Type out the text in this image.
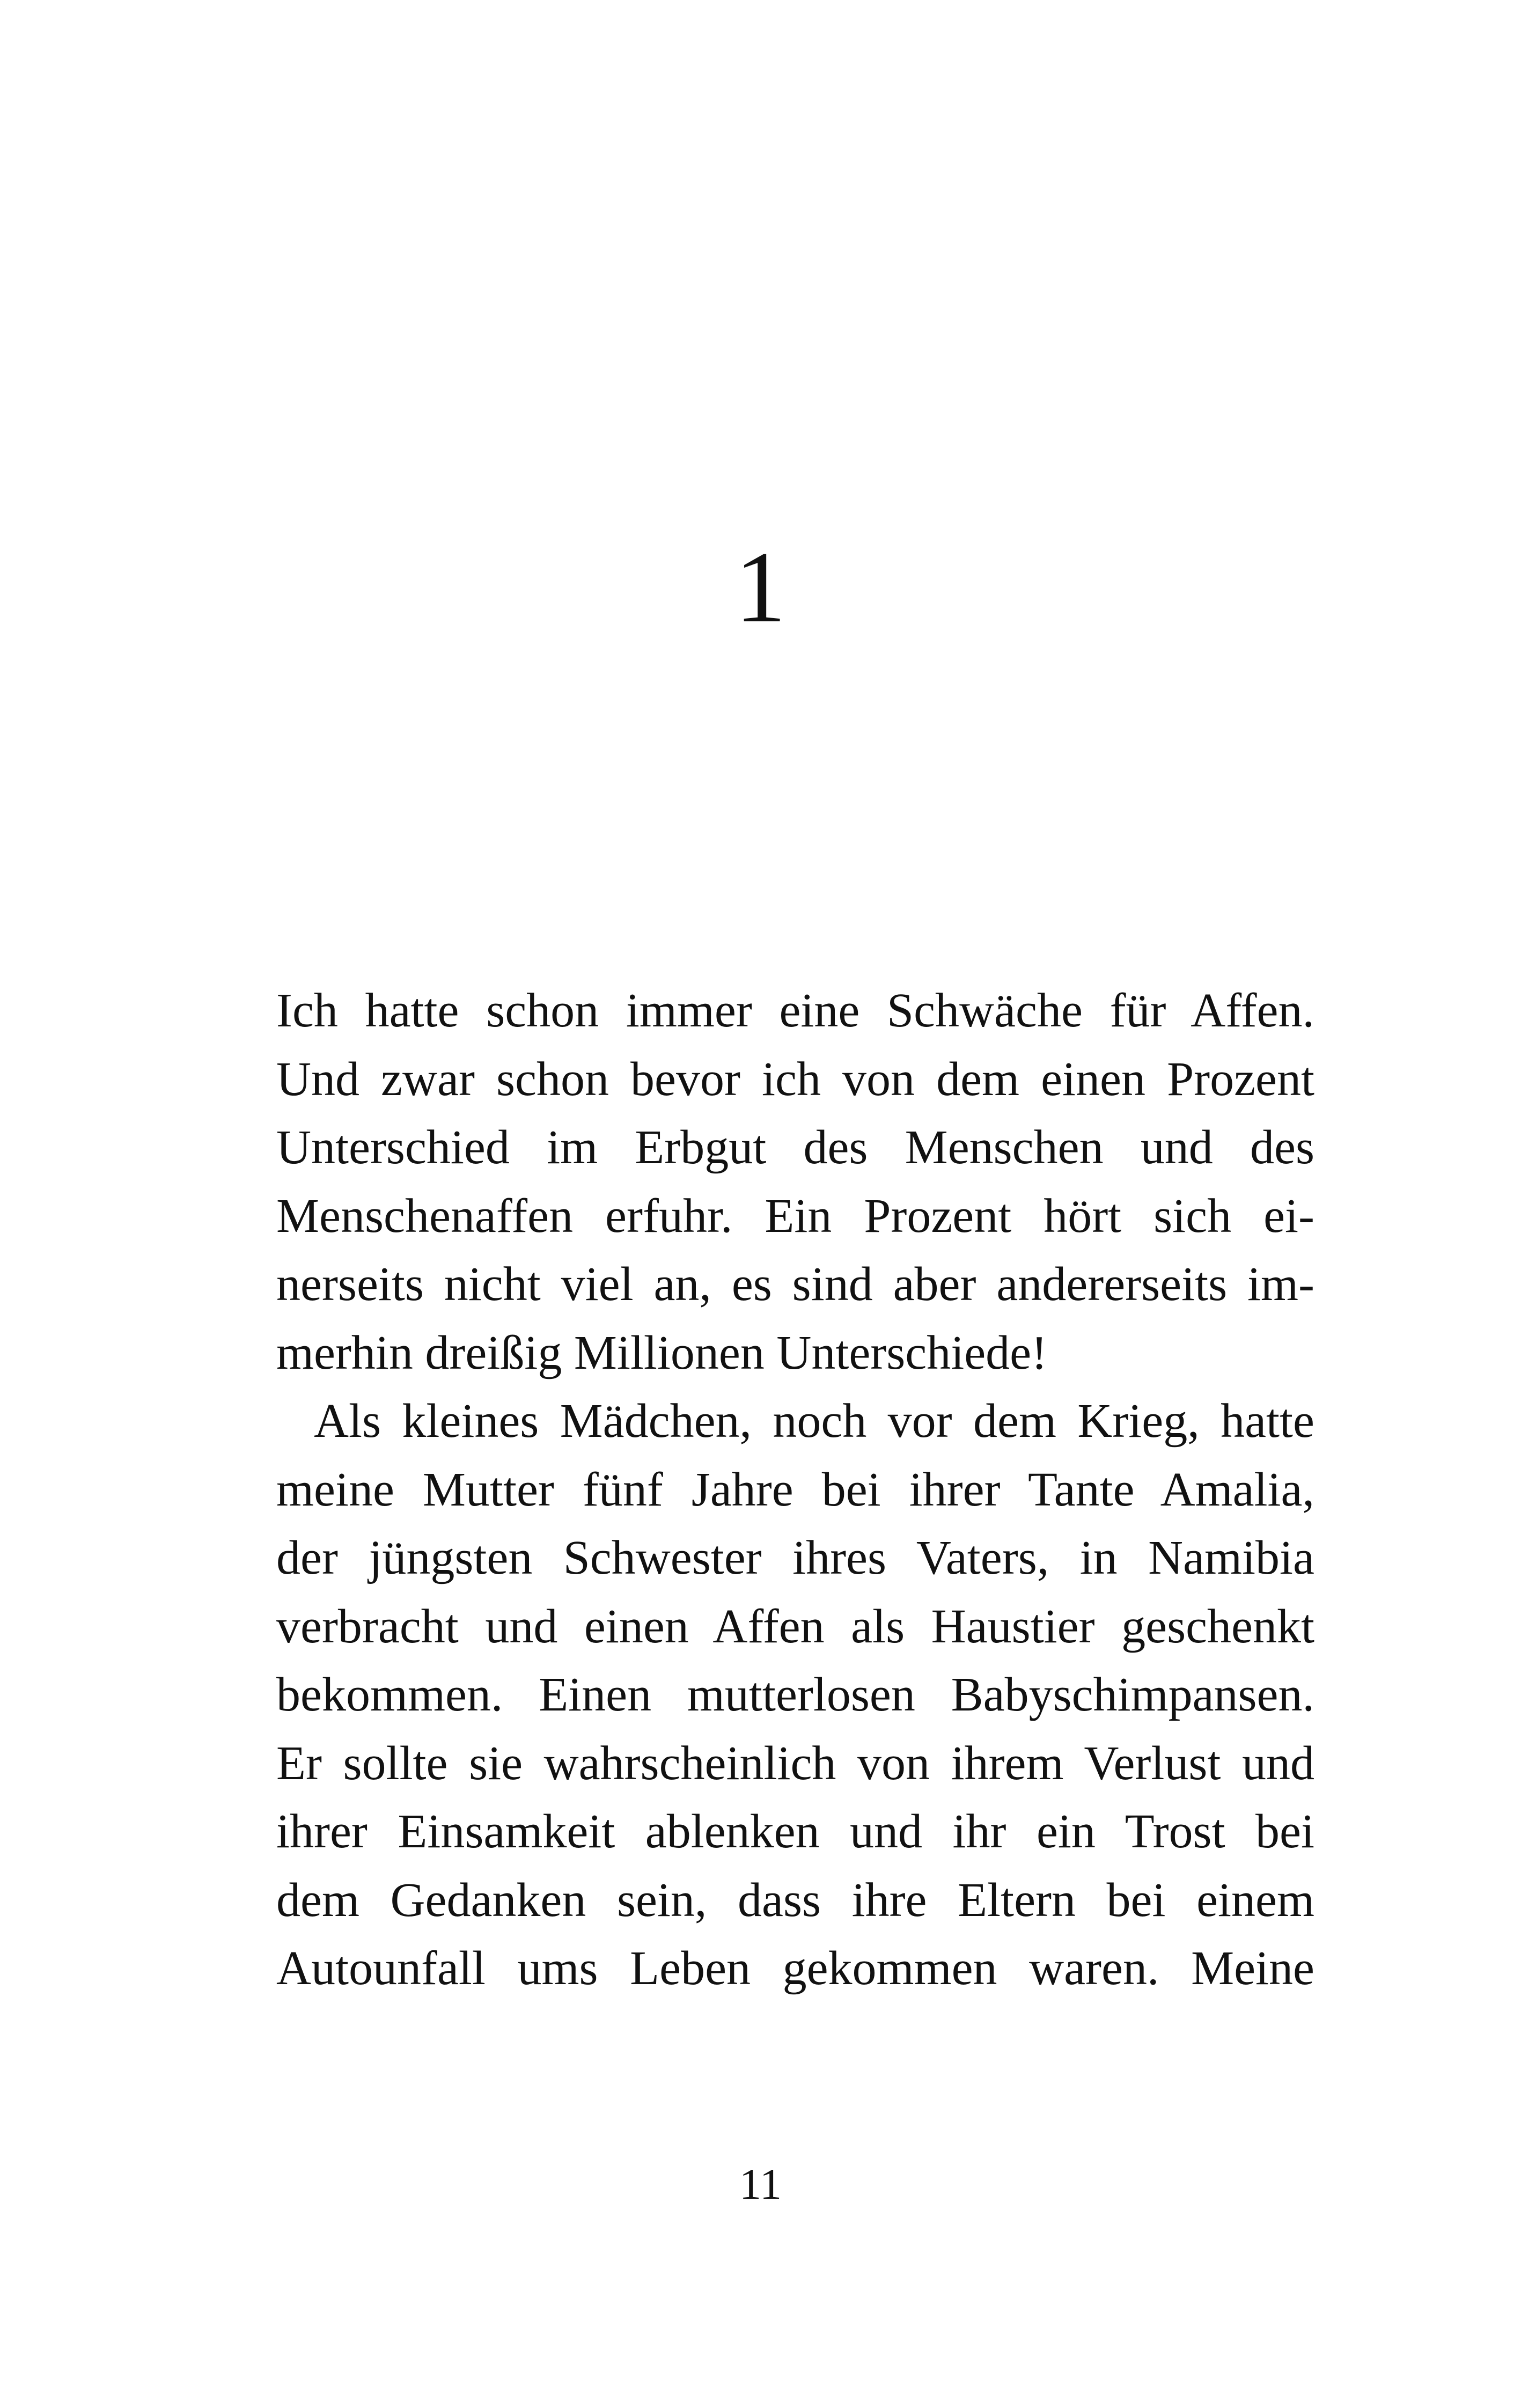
1

Ich hatte schon immer eine Schwäche für Affen.
Und zwar schon bevor ich von dem einen Prozent
Unterschied im Erbgut des Menschen und des
Menschenaffen erfuhr. Ein Prozent hört sich ei-
nerseits nicht viel an, es sind aber andererseits im-
merhin dreißig Millionen Unterschiede!

Als kleines Mädchen, noch vor dem Krieg, hatte
meine Mutter fünf Jahre bei ihrer Tante Amalia,
der jüngsten Schwester ihres Vaters, in Namibia
verbracht und einen Affen als Haustier geschenkt
bekommen. Einen mutterlosen Babyschimpansen.
Er sollte sie wahrscheinlich von ihrem Verlust und
ihrer Einsamkeit ablenken und ihr ein Trost bei
dem Gedanken sein, dass ihre Eltern bei einem
Autounfall ums Leben gekommen waren. Meine

11
